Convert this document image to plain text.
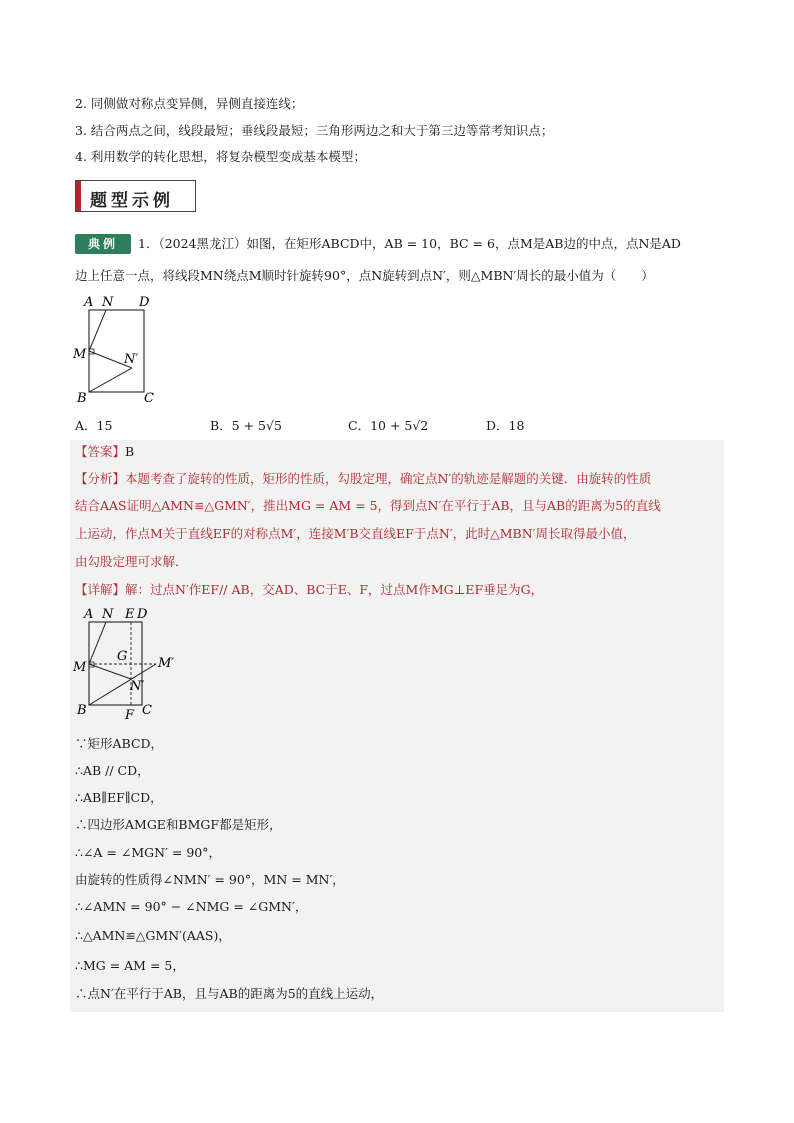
2. 同侧做对称点变异侧，异侧直接连线；
3. 结合两点之间，线段最短；垂线段最短；三角形两边之和大于第三边等常考知识点；
4. 利用数学的转化思想，将复杂模型变成基本模型；
题型示例
典例	1．（2024黑龙江）如图，在矩形ABCD中，AB = 10，BC = 6，点M是AB边的中点，点N是AD
边上任意一点，将线段MN绕点M顺时针旋转90°，点N旋转到点N′，则△MBN′周长的最小值为（　　）
A N D
M	N′
B	C
A．15	B．5 + 5√5	C．10 + 5√2	D．18
【答案】B
【分析】本题考查了旋转的性质，矩形的性质，勾股定理，确定点N′的轨迹是解题的关键．由旋转的性质
结合AAS证明△AMN≌△GMN′，推出MG = AM = 5，得到点N′在平行于AB，且与AB的距离为5的直线
上运动，作点M关于直线EF的对称点M′，连接M′B交直线EF于点N′，此时△MBN′周长取得最小值，
由勾股定理可求解．
【详解】解：过点N′作EF// AB，交AD、BC于E、F，过点M作MG⊥EF垂足为G，
A N E D
G
M	M′
N′
B	F C
∵矩形ABCD，
∴AB // CD，
∴AB∥EF∥CD，
∴四边形AMGE和BMGF都是矩形，
∴∠A = ∠MGN′ = 90°，
由旋转的性质得∠NMN′ = 90°，MN = MN′，
∴∠AMN = 90° − ∠NMG = ∠GMN′，
∴△AMN≌△GMN′(AAS)，
∴MG = AM = 5，
∴点N′在平行于AB，且与AB的距离为5的直线上运动，
